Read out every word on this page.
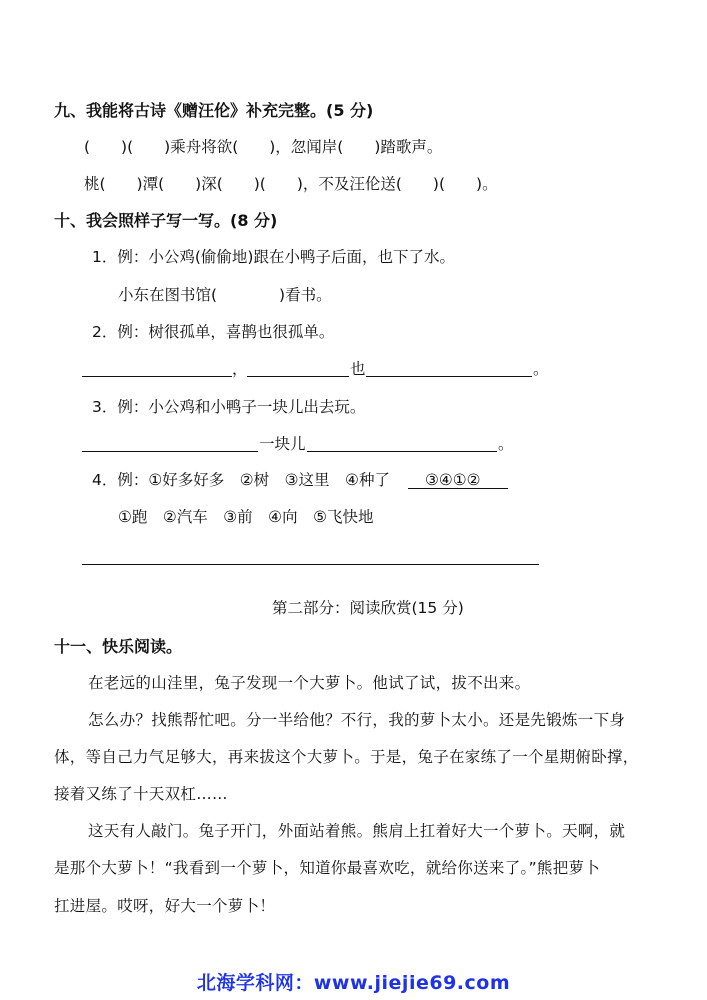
九、我能将古诗《赠汪伦》补充完整。(5 分)
(　　)(　　)乘舟将欲(　　)，忽闻岸(　　)踏歌声。
桃(　　)潭(　　)深(　　)(　　)，不及汪伦送(　　)(　　)。
十、我会照样子写一写。(8 分)
1．例：小公鸡(偷偷地)跟在小鸭子后面，也下了水。
小东在图书馆(　　　　)看书。
2．例：树很孤单，喜鹊也很孤单。
，	也	。
3．例：小公鸡和小鸭子一块儿出去玩。
一块儿	。
4．例：①好多好多　②树　③这里　④种了 ③④①②
①跑　②汽车　③前　④向　⑤飞快地
第二部分：阅读欣赏(15 分)
十一、快乐阅读。
在老远的山洼里，兔子发现一个大萝卜。他试了试，拔不出来。
怎么办？找熊帮忙吧。分一半给他？不行，我的萝卜太小。还是先锻炼一下身
体，等自己力气足够大，再来拔这个大萝卜。于是，兔子在家练了一个星期俯卧撑，
接着又练了十天双杠……
这天有人敲门。兔子开门，外面站着熊。熊肩上扛着好大一个萝卜。天啊，就
是那个大萝卜！“我看到一个萝卜，知道你最喜欢吃，就给你送来了。”熊把萝卜
扛进屋。哎呀，好大一个萝卜！
北海学科网：www.jiejie69.com
